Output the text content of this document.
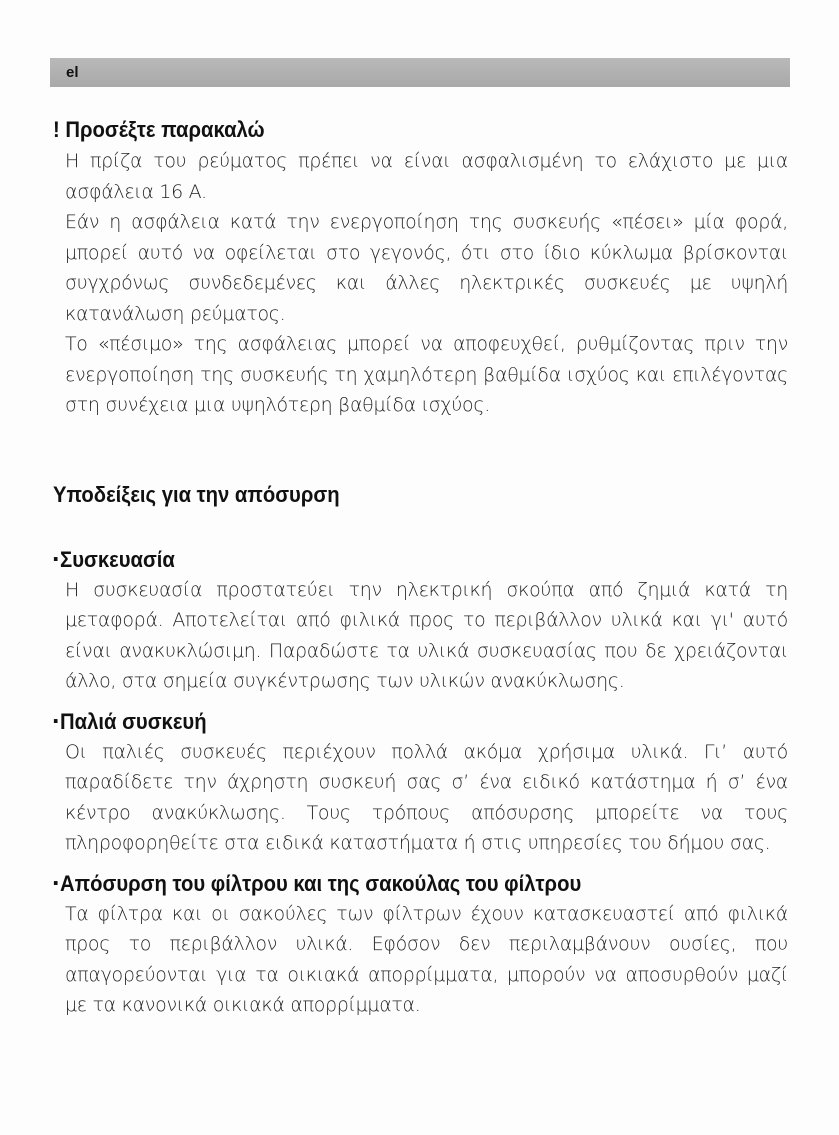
el
! Προσέξτε παρακαλώ

Η πρίζα του ρεύματος πρέπει να είναι ασφαλισμένη το ελάχιστο με μια ασφάλεια 16 A.

Εάν η ασφάλεια κατά την ενεργοποίηση της συσκευής «πέσει» μία φορά, μπορεί αυτό να οφείλεται στο γεγονός, ότι στο ίδιο κύκλωμα βρίσκονται συγχρόνως συνδεδεμένες και άλλες ηλεκτρικές συσκευές με υψηλή κατανάλωση ρεύματος.

Το «πέσιμο» της ασφάλειας μπορεί να αποφευχθεί, ρυθμίζοντας πριν την ενεργοποίηση της συσκευής τη χαμηλότερη βαθμίδα ισχύος και επιλέγοντας στη συνέχεια μια υψηλότερη βαθμίδα ισχύος.

Υποδείξεις για την απόσυρση
▪Συσκευασία

Η συσκευασία προστατεύει την ηλεκτρική σκούπα από ζημιά κατά τη μεταφορά. Αποτελείται από φιλικά προς το περιβάλλον υλικά και γι' αυτό είναι ανακυκλώσιμη. Παραδώστε τα υλικά συσκευασίας που δε χρειάζονται άλλο, στα σημεία συγκέντρωσης των υλικών ανακύκλωσης.

▪Παλιά συσκευή

Οι παλιές συσκευές περιέχουν πολλά ακόμα χρήσιμα υλικά. Γι’ αυτό παραδίδετε την άχρηστη συσκευή σας σ’ ένα ειδικό κατάστημα ή σ’ ένα κέντρο ανακύκλωσης. Τους τρόπους απόσυρσης μπορείτε να τους πληροφορηθείτε στα ειδικά καταστήματα ή στις υπηρεσίες του δήμου σας.

▪Απόσυρση του φίλτρου και της σακούλας του φίλτρου

Τα φίλτρα και οι σακούλες των φίλτρων έχουν κατασκευαστεί από φιλικά προς το περιβάλλον υλικά. Εφόσον δεν περιλαμβάνουν ουσίες, που απαγορεύονται για τα οικιακά απορρίμματα, μπορούν να αποσυρθούν μαζί με τα κανονικά οικιακά απορρίμματα.
